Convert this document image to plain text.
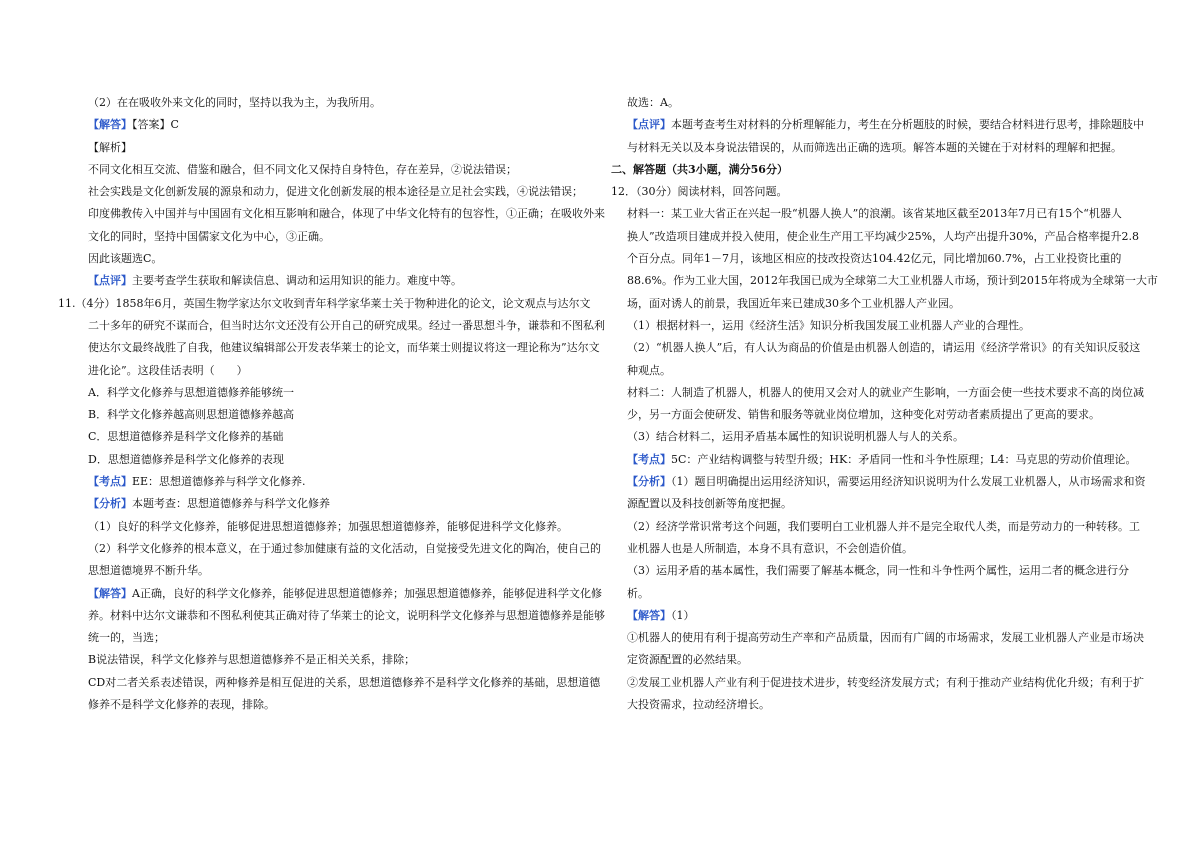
（2）在在吸收外来文化的同时，坚持以我为主，为我所用。
【解答】【答案】C
【解析】
不同文化相互交流、借鉴和融合，但不同文化又保持自身特色，存在差异，②说法错误；
社会实践是文化创新发展的源泉和动力，促进文化创新发展的根本途径是立足社会实践，④说法错误；
印度佛教传入中国并与中国固有文化相互影响和融合，体现了中华文化特有的包容性，①正确；在吸收外来
文化的同时，坚持中国儒家文化为中心，③正确。
因此该题选C。
【点评】主要考查学生获取和解读信息、调动和运用知识的能力。难度中等。
11.（4分）1858年6月，英国生物学家达尔文收到青年科学家华莱士关于物种进化的论文，论文观点与达尔文
二十多年的研究不谋而合，但当时达尔文还没有公开自己的研究成果。经过一番思想斗争，谦恭和不图私利
使达尔文最终战胜了自我，他建议编辑部公开发表华莱士的论文，而华莱士则提议将这一理论称为”达尔文
进化论”。这段佳话表明（　　）
A．科学文化修养与思想道德修养能够统一
B．科学文化修养越高则思想道德修养越高
C．思想道德修养是科学文化修养的基础
D．思想道德修养是科学文化修养的表现
【考点】EE：思想道德修养与科学文化修养.
【分析】本题考查：思想道德修养与科学文化修养
（1）良好的科学文化修养，能够促进思想道德修养；加强思想道德修养，能够促进科学文化修养。
（2）科学文化修养的根本意义，在于通过参加健康有益的文化活动，自觉接受先进文化的陶冶，使自己的
思想道德境界不断升华。
【解答】A正确，良好的科学文化修养，能够促进思想道德修养；加强思想道德修养，能够促进科学文化修
养。材料中达尔文谦恭和不图私利使其正确对待了华莱士的论文，说明科学文化修养与思想道德修养是能够
统一的，当选；
B说法错误，科学文化修养与思想道德修养不是正相关关系，排除；
CD对二者关系表述错误，两种修养是相互促进的关系，思想道德修养不是科学文化修养的基础，思想道德
修养不是科学文化修养的表现，排除。
故选：A。
【点评】本题考查考生对材料的分析理解能力，考生在分析题肢的时候，要结合材料进行思考，排除题肢中
与材料无关以及本身说法错误的，从而筛选出正确的选项。解答本题的关键在于对材料的理解和把握。
二、解答题（共3小题，满分56分）
12．（30分）阅读材料，回答问题。
材料一：某工业大省正在兴起一股“机器人换人”的浪潮。该省某地区截至2013年7月已有15个“机器人
换人”改造项目建成并投入使用，使企业生产用工平均减少25%，人均产出提升30%，产品合格率提升2.8
个百分点。同年1－7月，该地区相应的技改投资达104.42亿元，同比增加60.7%，占工业投资比重的
88.6%。作为工业大国，2012年我国已成为全球第二大工业机器人市场，预计到2015年将成为全球第一大市
场，面对诱人的前景，我国近年来已建成30多个工业机器人产业园。
（1）根据材料一，运用《经济生活》知识分析我国发展工业机器人产业的合理性。
（2）“机器人换人”后，有人认为商品的价值是由机器人创造的，请运用《经济学常识》的有关知识反驳这
种观点。
材料二：人制造了机器人，机器人的使用又会对人的就业产生影响，一方面会使一些技术要求不高的岗位减
少，另一方面会使研发、销售和服务等就业岗位增加，这种变化对劳动者素质提出了更高的要求。
（3）结合材料二，运用矛盾基本属性的知识说明机器人与人的关系。
【考点】5C：产业结构调整与转型升级；HK：矛盾同一性和斗争性原理；L4：马克思的劳动价值理论。
【分析】（1）题目明确提出运用经济知识，需要运用经济知识说明为什么发展工业机器人，从市场需求和资
源配置以及科技创新等角度把握。
（2）经济学常识常考这个问题，我们要明白工业机器人并不是完全取代人类，而是劳动力的一种转移。工
业机器人也是人所制造，本身不具有意识，不会创造价值。
（3）运用矛盾的基本属性，我们需要了解基本概念，同一性和斗争性两个属性，运用二者的概念进行分
析。
【解答】（1）
①机器人的使用有利于提高劳动生产率和产品质量，因而有广阔的市场需求，发展工业机器人产业是市场决
定资源配置的必然结果。
②发展工业机器人产业有利于促进技术进步，转变经济发展方式；有利于推动产业结构优化升级；有利于扩
大投资需求，拉动经济增长。
